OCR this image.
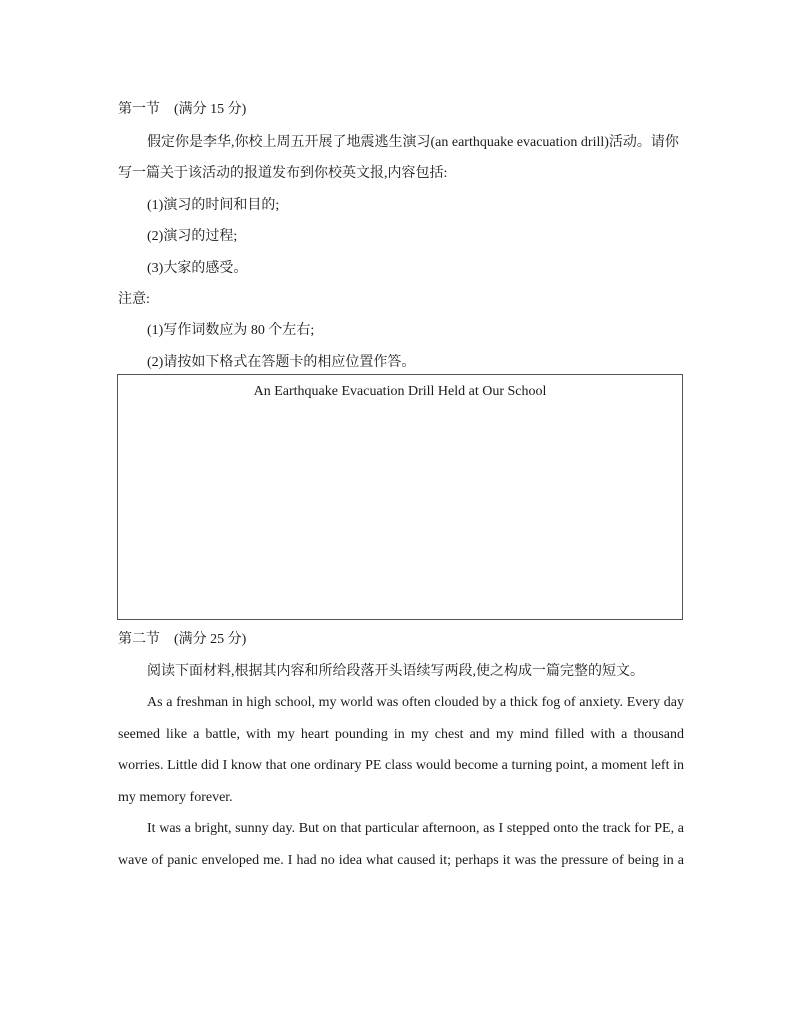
第一节　(满分 15 分)
假定你是李华,你校上周五开展了地震逃生演习(an earthquake evacuation drill)活动。请你
写一篇关于该活动的报道发布到你校英文报,内容包括:
(1)演习的时间和目的;
(2)演习的过程;
(3)大家的感受。
注意:
(1)写作词数应为 80 个左右;
(2)请按如下格式在答题卡的相应位置作答。
An Earthquake Evacuation Drill Held at Our School
第二节　(满分 25 分)
阅读下面材料,根据其内容和所给段落开头语续写两段,使之构成一篇完整的短文。
As a freshman in high school, my world was often clouded by a thick fog of anxiety. Every day
seemed like a battle, with my heart pounding in my chest and my mind filled with a thousand
worries. Little did I know that one ordinary PE class would become a turning point, a moment left in
my memory forever.
It was a bright, sunny day. But on that particular afternoon, as I stepped onto the track for PE, a
wave of panic enveloped me. I had no idea what caused it; perhaps it was the pressure of being in a
